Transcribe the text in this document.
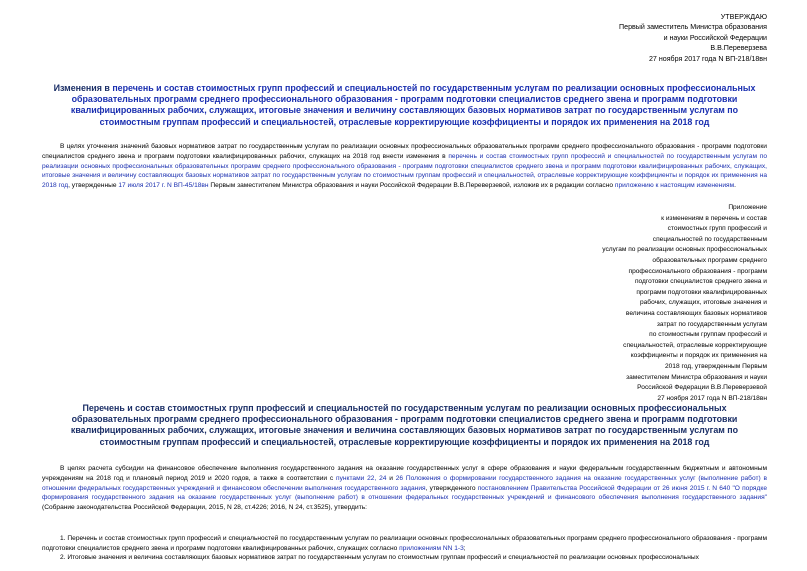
УТВЕРЖДАЮ
Первый заместитель Министра образования
и науки Российской Федерации
В.В.Переверзева
27 ноября 2017 года N ВП-218/18вн
Изменения в перечень и состав стоимостных групп профессий и специальностей по государственным услугам по реализации основных профессиональных образовательных программ среднего профессионального образования - программ подготовки специалистов среднего звена и программ подготовки квалифицированных рабочих, служащих, итоговые значения и величину составляющих базовых нормативов затрат по государственным услугам по стоимостным группам профессий и специальностей, отраслевые корректирующие коэффициенты и порядок их применения на 2018 год
В целях уточнения значений базовых нормативов затрат по государственным услугам по реализации основных профессиональных образовательных программ среднего профессионального образования - программ подготовки специалистов среднего звена и программ подготовки квалифицированных рабочих, служащих на 2018 год внести изменения в перечень и состав стоимостных групп профессий и специальностей по государственным услугам по реализации основных профессиональных образовательных программ среднего профессионального образования - программ подготовки специалистов среднего звена и программ подготовки квалифицированных рабочих, служащих, итоговые значения и величину составляющих базовых нормативов затрат по государственным услугам по стоимостным группам профессий и специальностей, отраслевые корректирующие коэффициенты и порядок их применения на 2018 год, утвержденные 17 июля 2017 г. N ВП-45/18вн Первым заместителем Министра образования и науки Российской Федерации В.В.Переверзевой, изложив их в редакции согласно приложению к настоящим изменениям.
Приложение
к изменениям в перечень и состав
стоимостных групп профессий и
специальностей по государственным
услугам по реализации основных профессиональных
образовательных программ среднего
профессионального образования - программ
подготовки специалистов среднего звена и
программ подготовки квалифицированных
рабочих, служащих, итоговые значения и
величина составляющих базовых нормативов
затрат по государственным услугам
по стоимостным группам профессий и
специальностей, отраслевые корректирующие
коэффициенты и порядок их применения на
2018 год, утвержденным Первым
заместителем Министра образования и науки
Российской Федерации В.В.Переверзевой
27 ноября 2017 года N ВП-218/18вн
Перечень и состав стоимостных групп профессий и специальностей по государственным услугам по реализации основных профессиональных образовательных программ среднего профессионального образования - программ подготовки специалистов среднего звена и программ подготовки квалифицированных рабочих, служащих, итоговые значения и величина составляющих базовых нормативов затрат по государственным услугам по стоимостным группам профессий и специальностей, отраслевые корректирующие коэффициенты и порядок их применения на 2018 год
В целях расчета субсидии на финансовое обеспечение выполнения государственного задания на оказание государственных услуг в сфере образования и науки федеральным государственным бюджетным и автономным учреждениям на 2018 год и плановый период 2019 и 2020 годов, а также в соответствии с пунктами 22, 24 и 26 Положения о формировании государственного задания на оказание государственных услуг (выполнение работ) в отношении федеральных государственных учреждений и финансовом обеспечении выполнения государственного задания, утвержденного постановлением Правительства Российской Федерации от 26 июня 2015 г. N 640 "О порядке формирования государственного задания на оказание государственных услуг (выполнение работ) в отношении федеральных государственных учреждений и финансового обеспечения выполнения государственного задания" (Собрание законодательства Российской Федерации, 2015, N 28, ст.4226; 2016, N 24, ст.3525), утвердить:
1. Перечень и состав стоимостных групп профессий и специальностей по государственным услугам по реализации основных профессиональных образовательных программ среднего профессионального образования - программ подготовки специалистов среднего звена и программ подготовки квалифицированных рабочих, служащих согласно приложениям NN 1-3;
2. Итоговые значения и величина составляющих базовых нормативов затрат по государственным услугам по стоимостным группам профессий и специальностей по реализации основных профессиональных
